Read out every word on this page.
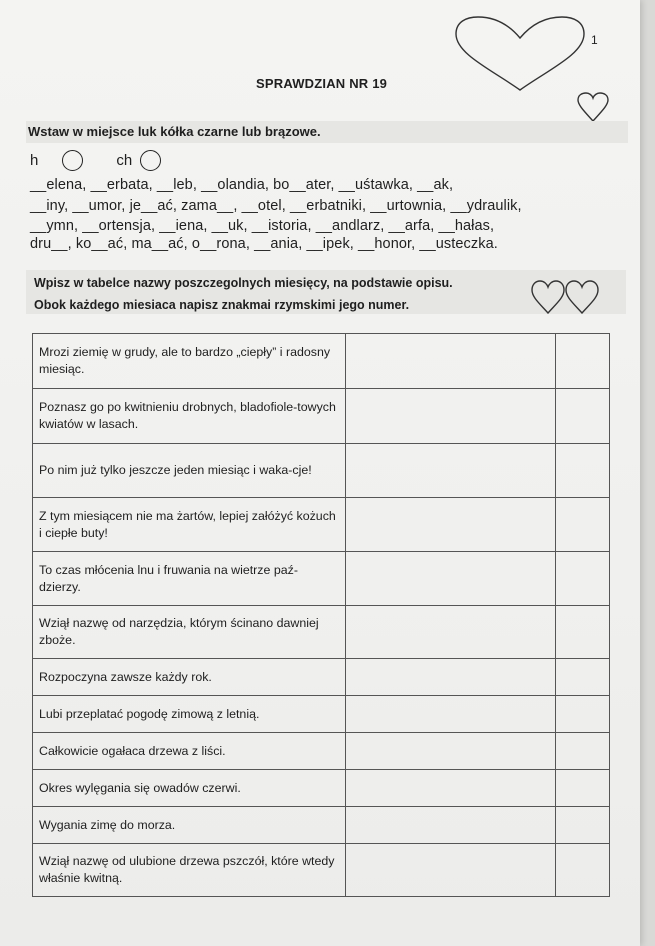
1
SPRAWDZIAN NR 19
Wstaw w miejsce luk kółka czarne lub brązowe.
h	ch
__elena, __erbata, __leb, __olandia, bo__ater, __uśtawka, __ak,
__iny, __umor, je__ać, zama__, __otel, __erbatniki, __urtownia, __ydraulik,
__ymn, __ortensja, __iena, __uk, __istoria, __andlarz, __arfa, __hałas,
dru__, ko__ać, ma__ać, o__rona, __ania, __ipek, __honor, __usteczka.
Wpisz w tabelce nazwy poszczegolnych miesięcy, na podstawie opisu.
Obok każdego miesiaca napisz znakmai rzymskimi jego numer.
Mrozi ziemię w grudy, ale to bardzo „ciepły” i radosny miesiąc.		
Poznasz go po kwitnieniu drobnych, bladofiole-towych kwiatów w lasach.		
Po nim już tylko jeszcze jeden miesiąc i waka-cje!		
Z tym miesiącem nie ma żartów, lepiej załóżyć kożuch i ciepłe buty!		
To czas młócenia lnu i fruwania na wietrze paź-dzierzy.		
Wziął nazwę od narzędzia, którym ścinano dawniej zboże.		
Rozpoczyna zawsze każdy rok.		
Lubi przeplatać pogodę zimową z letnią.		
Całkowicie ogałaca drzewa z liści.		
Okres wylęgania się owadów czerwi.		
Wygania zimę do morza.		
Wziął nazwę od ulubione drzewa pszczół, które wtedy właśnie kwitną.		
